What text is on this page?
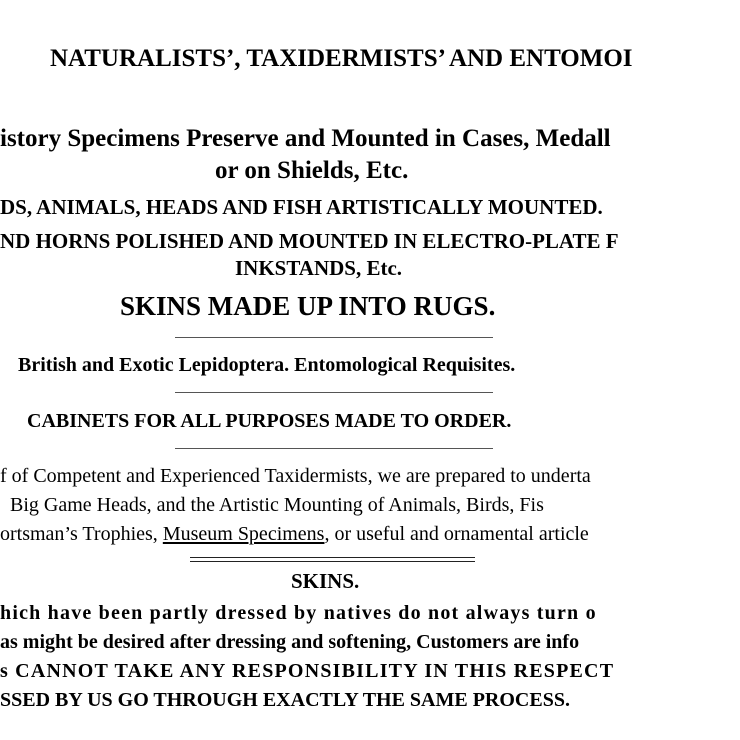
NATURALISTS’, TAXIDERMISTS’ AND ENTOMOI
istory Specimens Preserve and Mounted in Cases, Medall
or on Shields, Etc.
DS, ANIMALS, HEADS AND FISH ARTISTICALLY MOUNTED.
ND HORNS POLISHED AND MOUNTED IN ELECTRO-PLATE F
INKSTANDS, Etc.
SKINS MADE UP INTO RUGS.
British and Exotic Lepidoptera. Entomological Requisites.
CABINETS FOR ALL PURPOSES MADE TO ORDER.
f of Competent and Experienced Taxidermists, we are prepared to underta
Big Game Heads, and the Artistic Mounting of Animals, Birds, Fis
ortsman’s Trophies, Museum Specimens, or useful and ornamental article
SKINS.
hich have been partly dressed by natives do not always turn o
as might be desired after dressing and softening, Customers are info
s CANNOT TAKE ANY RESPONSIBILITY IN THIS RESPECT
SSED BY US GO THROUGH EXACTLY THE SAME PROCESS.
